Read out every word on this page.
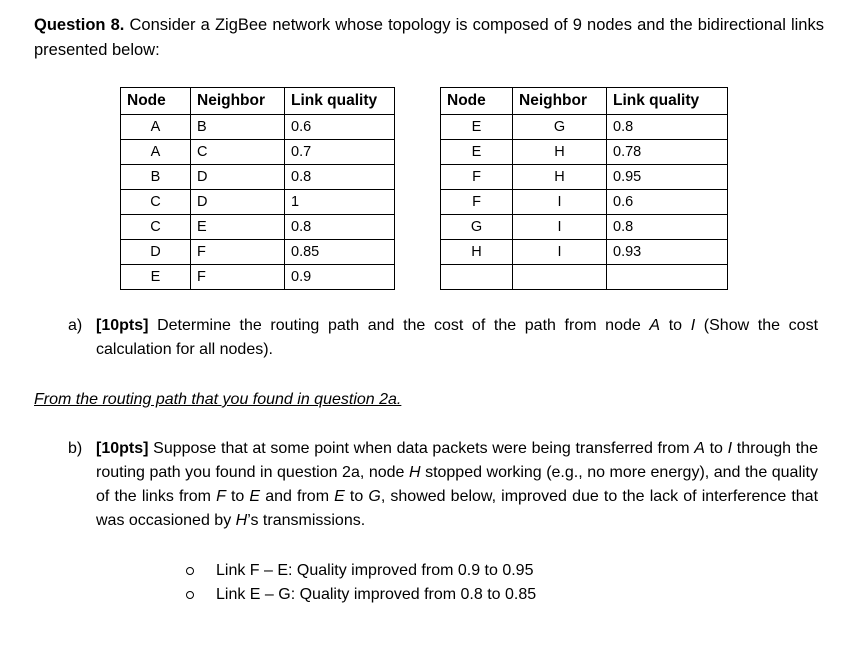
Question 8. Consider a ZigBee network whose topology is composed of 9 nodes and the bidirectional links presented below:
Node	Neighbor	Link quality
A	B	0.6
A	C	0.7
B	D	0.8
C	D	1
C	E	0.8
D	F	0.85
E	F	0.9
Node	Neighbor	Link quality
E	G	0.8
E	H	0.78
F	H	0.95
F	I	0.6
G	I	0.8
H	I	0.93

a) [10pts] Determine the routing path and the cost of the path from node A to I (Show the cost calculation for all nodes).
From the routing path that you found in question 2a.
b) [10pts] Suppose that at some point when data packets were being transferred from A to I through the routing path you found in question 2a, node H stopped working (e.g., no more energy), and the quality of the links from F to E and from E to G, showed below, improved due to the lack of interference that was occasioned by H’s transmissions.
Link F – E: Quality improved from 0.9 to 0.95
Link E – G: Quality improved from 0.8 to 0.85
